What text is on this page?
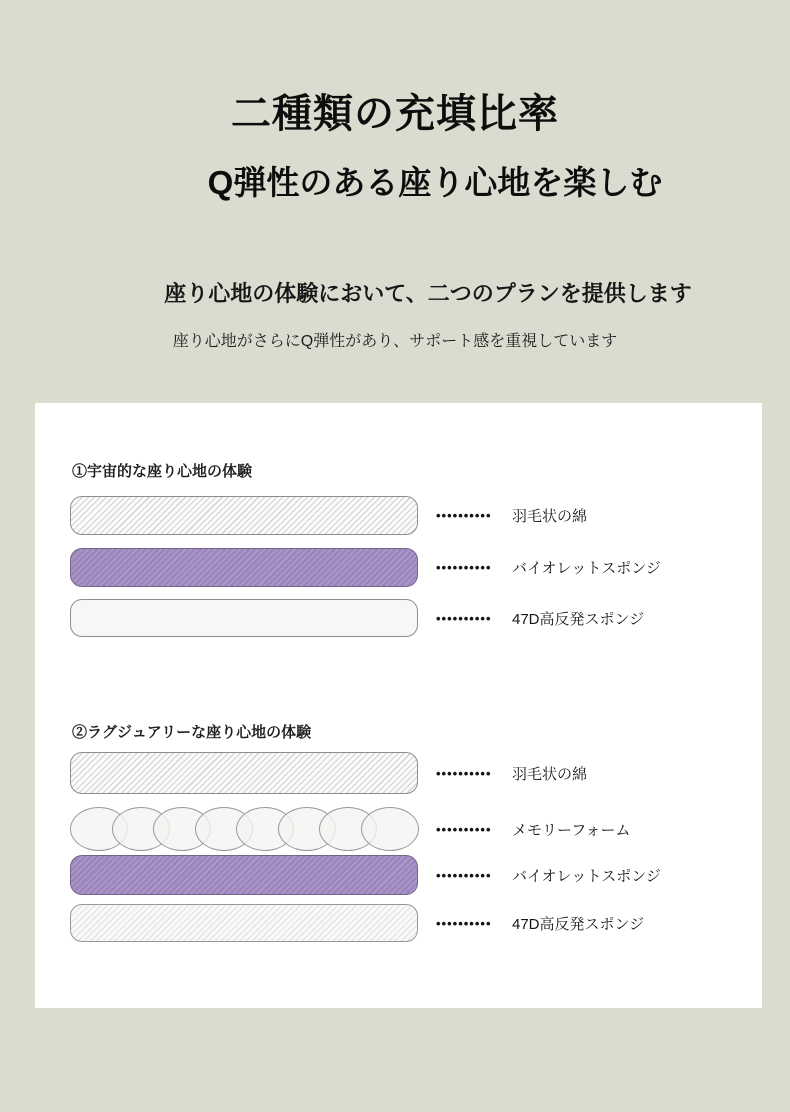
二種類の充填比率
Q弾性のある座り心地を楽しむ
座り心地の体験において、二つのプランを提供します
座り心地がさらにQ弾性があり、サポート感を重視しています
①宇宙的な座り心地の体験
••••••••••	羽毛状の綿
••••••••••	バイオレットスポンジ
••••••••••	47D高反発スポンジ
②ラグジュアリーな座り心地の体験
••••••••••	羽毛状の綿
••••••••••	メモリーフォーム
••••••••••	バイオレットスポンジ
••••••••••	47D高反発スポンジ
